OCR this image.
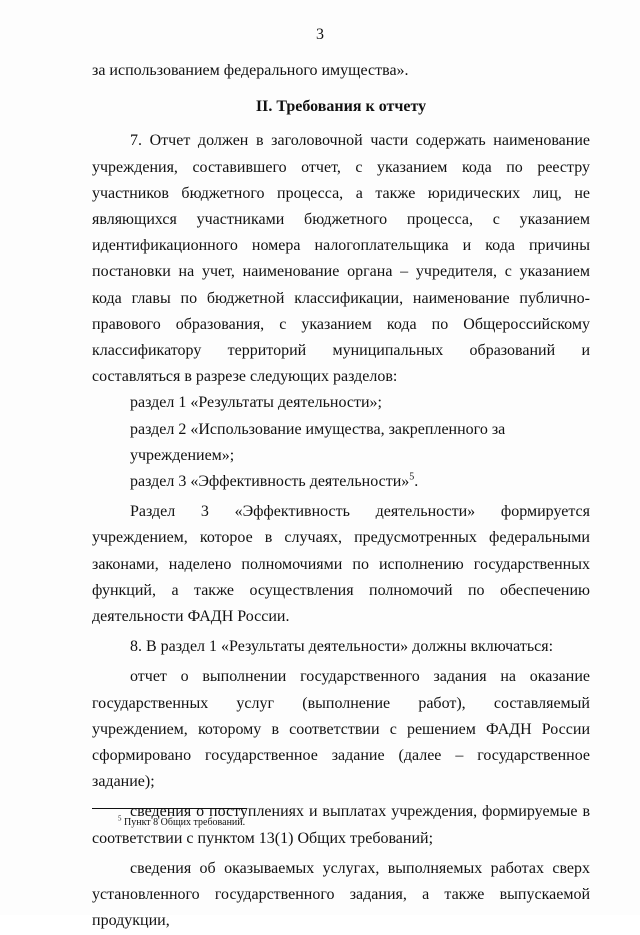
3

за использованием федерального имущества».

II. Требования к отчету

7. Отчет должен в заголовочной части содержать наименование учреждения, составившего отчет, с указанием кода по реестру участников бюджетного процесса, а также юридических лиц, не являющихся участниками бюджетного процесса, с указанием идентификационного номера налогоплательщика и кода причины постановки на учет, наименование органа – учредителя, с указанием кода главы по бюджетной классификации, наименование публично-правового образования, с указанием кода по Общероссийскому классификатору территорий муниципальных образований и составляться в разрезе следующих разделов:

раздел 1 «Результаты деятельности»;

раздел 2 «Использование имущества, закрепленного за учреждением»;

раздел 3 «Эффективность деятельности»$^5$.

Раздел 3 «Эффективность деятельности» формируется учреждением, которое в случаях, предусмотренных федеральными законами, наделено полномочиями по исполнению государственных функций, а также осуществления полномочий по обеспечению деятельности ФАДН России.

8. В раздел 1 «Результаты деятельности» должны включаться:

отчет о выполнении государственного задания на оказание государственных услуг (выполнение работ), составляемый учреждением, которому в соответствии с решением ФАДН России сформировано государственное задание (далее – государственное задание);

сведения о поступлениях и выплатах учреждения, формируемые в соответствии с пунктом 13(1) Общих требований;

сведения об оказываемых услугах, выполняемых работах сверх установленного государственного задания, а также выпускаемой продукции,

$^5$ Пункт 8 Общих требований.
